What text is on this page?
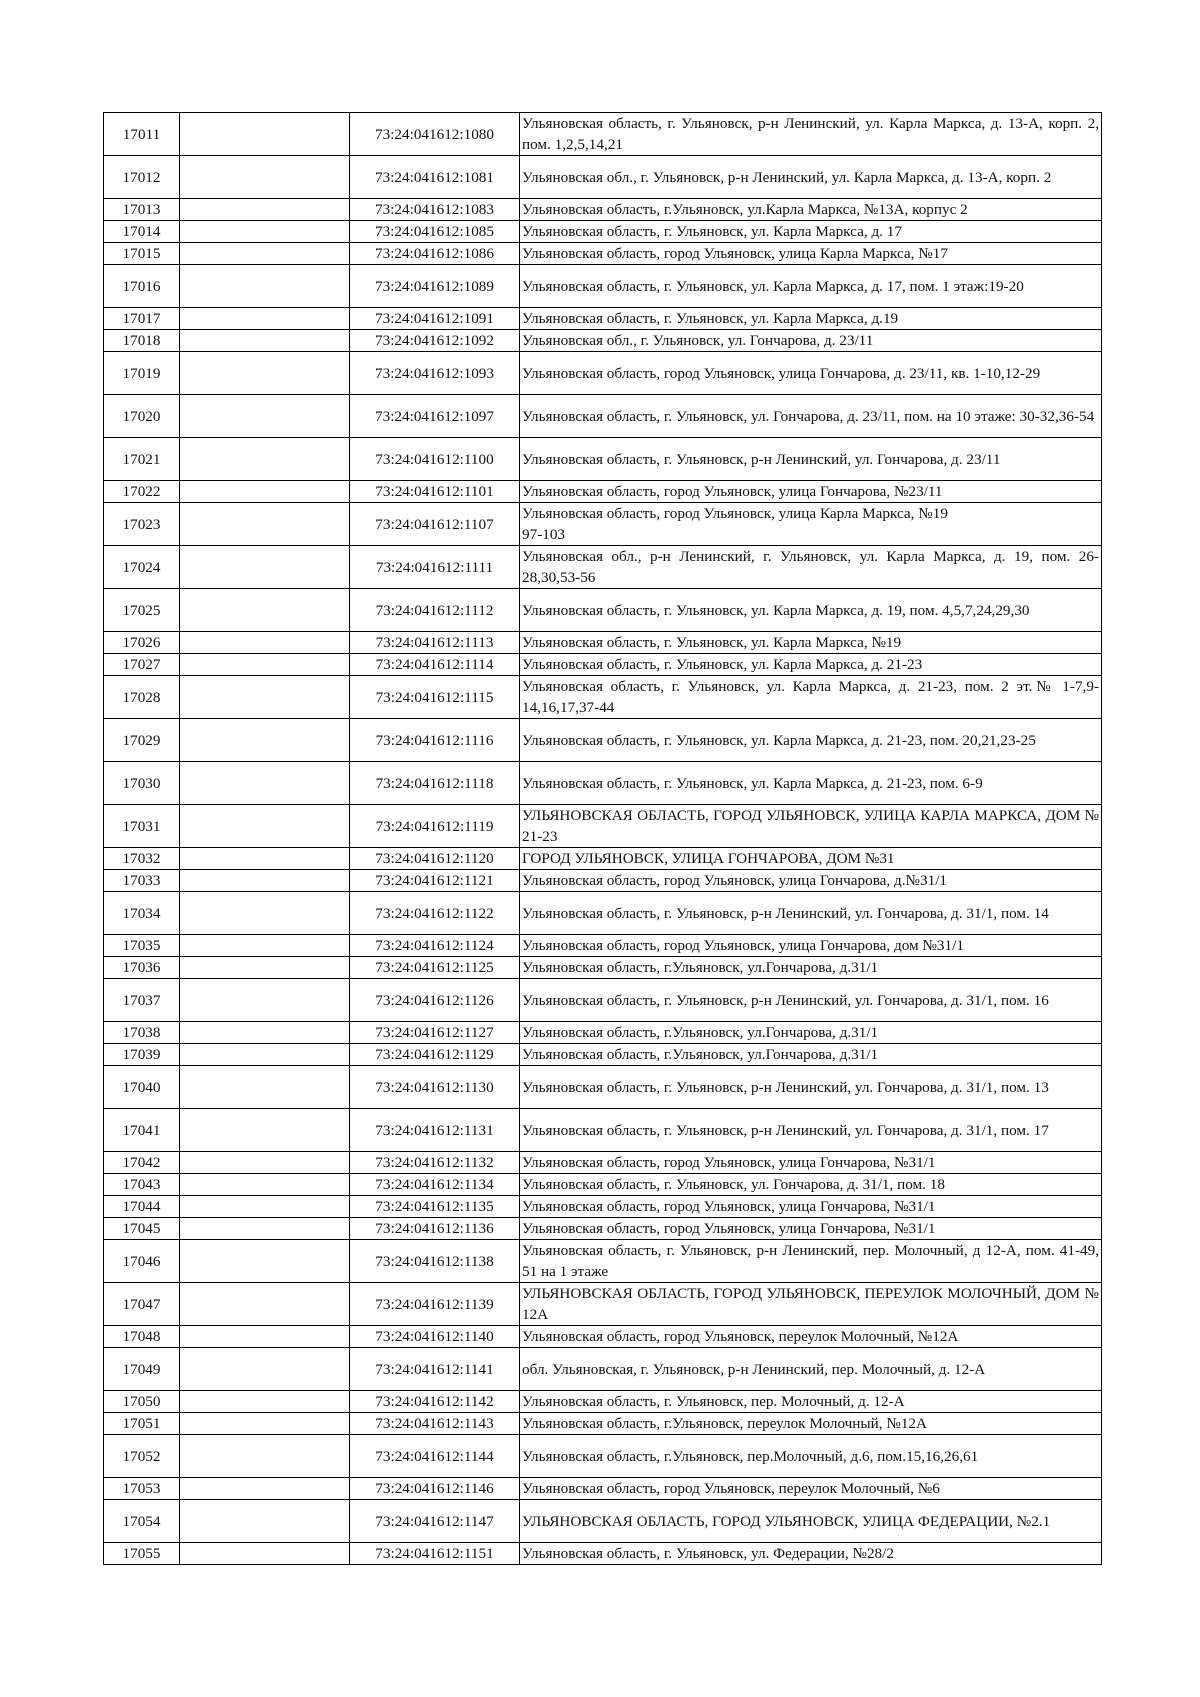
17011		73:24:041612:1080	Ульяновская область, г. Ульяновск, р-н Ленинский, ул. Карла Маркса, д. 13-А, корп. 2, пом. 1,2,5,14,21
17012		73:24:041612:1081	Ульяновская обл., г. Ульяновск, р-н Ленинский, ул. Карла Маркса, д. 13-А, корп. 2
17013		73:24:041612:1083	Ульяновская область, г.Ульяновск, ул.Карла Маркса, №13А, корпус 2
17014		73:24:041612:1085	Ульяновская область, г. Ульяновск, ул. Карла Маркса, д. 17
17015		73:24:041612:1086	Ульяновская область, город Ульяновск, улица Карла Маркса, №17
17016		73:24:041612:1089	Ульяновская область, г. Ульяновск, ул. Карла Маркса, д. 17, пом. 1 этаж:19-20
17017		73:24:041612:1091	Ульяновская область, г. Ульяновск, ул. Карла Маркса, д.19
17018		73:24:041612:1092	Ульяновская обл., г. Ульяновск, ул. Гончарова, д. 23/11
17019		73:24:041612:1093	Ульяновская область, город Ульяновск, улица Гончарова, д. 23/11, кв. 1-10,12-29
17020		73:24:041612:1097	Ульяновская область, г. Ульяновск, ул. Гончарова, д. 23/11, пом. на 10 этаже: 30-32,36-54
17021		73:24:041612:1100	Ульяновская область, г. Ульяновск, р-н Ленинский, ул. Гончарова, д. 23/11
17022		73:24:041612:1101	Ульяновская область, город Ульяновск, улица Гончарова, №23/11
17023		73:24:041612:1107	Ульяновская область, город Ульяновск, улица Карла Маркса, №19
97-103
17024		73:24:041612:1111	Ульяновская обл., р-н Ленинский, г. Ульяновск, ул. Карла Маркса, д. 19, пом. 26-28,30,53-56
17025		73:24:041612:1112	Ульяновская область, г. Ульяновск, ул. Карла Маркса, д. 19, пом. 4,5,7,24,29,30
17026		73:24:041612:1113	Ульяновская область, г. Ульяновск, ул. Карла Маркса, №19
17027		73:24:041612:1114	Ульяновская область, г. Ульяновск, ул. Карла Маркса, д. 21-23
17028		73:24:041612:1115	Ульяновская область, г. Ульяновск, ул. Карла Маркса, д. 21-23, пом. 2 эт.№ 1-7,9-14,16,17,37-44
17029		73:24:041612:1116	Ульяновская область, г. Ульяновск, ул. Карла Маркса, д. 21-23, пом. 20,21,23-25
17030		73:24:041612:1118	Ульяновская область, г. Ульяновск, ул. Карла Маркса, д. 21-23, пом. 6-9
17031		73:24:041612:1119	УЛЬЯНОВСКАЯ ОБЛАСТЬ, ГОРОД УЛЬЯНОВСК, УЛИЦА КАРЛА МАРКСА, ДОМ № 21-23
17032		73:24:041612:1120	ГОРОД УЛЬЯНОВСК, УЛИЦА ГОНЧАРОВА, ДОМ №31
17033		73:24:041612:1121	Ульяновская область, город Ульяновск, улица Гончарова, д.№31/1
17034		73:24:041612:1122	Ульяновская область, г. Ульяновск, р-н Ленинский, ул. Гончарова, д. 31/1, пом. 14
17035		73:24:041612:1124	Ульяновская область, город Ульяновск, улица Гончарова, дом №31/1
17036		73:24:041612:1125	Ульяновская область, г.Ульяновск, ул.Гончарова, д.31/1
17037		73:24:041612:1126	Ульяновская область, г. Ульяновск, р-н Ленинский, ул. Гончарова, д. 31/1, пом. 16
17038		73:24:041612:1127	Ульяновская область, г.Ульяновск, ул.Гончарова, д.31/1
17039		73:24:041612:1129	Ульяновская область, г.Ульяновск, ул.Гончарова, д.31/1
17040		73:24:041612:1130	Ульяновская область, г. Ульяновск, р-н Ленинский, ул. Гончарова, д. 31/1, пом. 13
17041		73:24:041612:1131	Ульяновская область, г. Ульяновск, р-н Ленинский, ул. Гончарова, д. 31/1, пом. 17
17042		73:24:041612:1132	Ульяновская область, город Ульяновск, улица Гончарова, №31/1
17043		73:24:041612:1134	Ульяновская область, г. Ульяновск, ул. Гончарова, д. 31/1, пом. 18
17044		73:24:041612:1135	Ульяновская область, город Ульяновск, улица Гончарова, №31/1
17045		73:24:041612:1136	Ульяновская область, город Ульяновск, улица Гончарова, №31/1
17046		73:24:041612:1138	Ульяновская область, г. Ульяновск, р-н Ленинский, пер. Молочный, д 12-А, пом. 41-49, 51 на 1 этаже
17047		73:24:041612:1139	УЛЬЯНОВСКАЯ ОБЛАСТЬ, ГОРОД УЛЬЯНОВСК, ПЕРЕУЛОК МОЛОЧНЫЙ, ДОМ № 12А
17048		73:24:041612:1140	Ульяновская область, город Ульяновск, переулок Молочный, №12А
17049		73:24:041612:1141	обл. Ульяновская, г. Ульяновск, р-н Ленинский, пер. Молочный, д. 12-А
17050		73:24:041612:1142	Ульяновская область, г. Ульяновск, пер. Молочный, д. 12-А
17051		73:24:041612:1143	Ульяновская область, г.Ульяновск, переулок Молочный, №12А
17052		73:24:041612:1144	Ульяновская область, г.Ульяновск, пер.Молочный, д.6, пом.15,16,26,61
17053		73:24:041612:1146	Ульяновская область, город Ульяновск, переулок Молочный, №6
17054		73:24:041612:1147	УЛЬЯНОВСКАЯ ОБЛАСТЬ, ГОРОД УЛЬЯНОВСК, УЛИЦА ФЕДЕРАЦИИ, №2.1
17055		73:24:041612:1151	Ульяновская область, г. Ульяновск, ул. Федерации, №28/2
